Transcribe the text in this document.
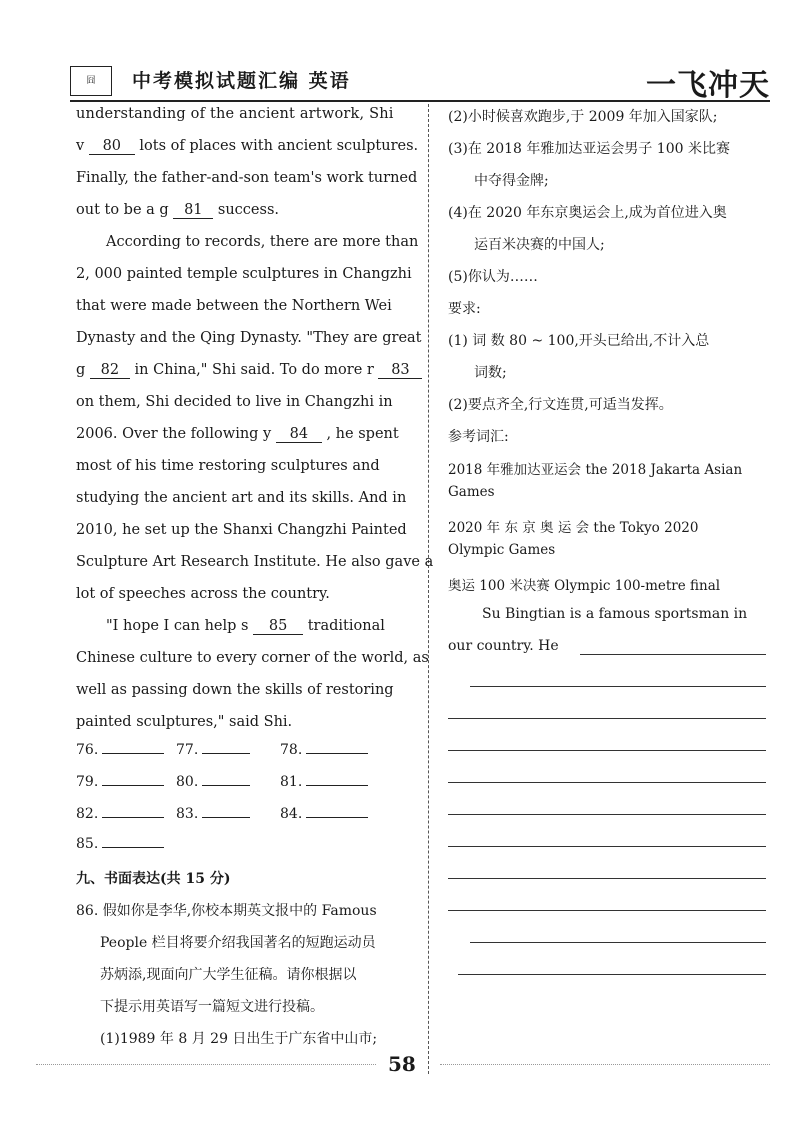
囧	中考模拟试题汇编 英语	一飞冲天
understanding of the ancient artwork, Shi
v 80 lots of places with ancient sculptures.
Finally, the father-and-son team's work turned
out to be a g 81 success.
According to records, there are more than
2, 000 painted temple sculptures in Changzhi
that were made between the Northern Wei
Dynasty and the Qing Dynasty. "They are great
g 82 in China," Shi said. To do more r 83
on them, Shi decided to live in Changzhi in
2006. Over the following y 84 , he spent
most of his time restoring sculptures and
studying the ancient art and its skills. And in
2010, he set up the Shanxi Changzhi Painted
Sculpture Art Research Institute. He also gave a
lot of speeches across the country.
"I hope I can help s 85 traditional
Chinese culture to every corner of the world, as
well as passing down the skills of restoring
painted sculptures," said Shi.
76.	77.	78.
79.	80.	81.
82.	83.	84.
85.
九、书面表达(共 15 分)
86. 假如你是李华,你校本期英文报中的 Famous
People 栏目将要介绍我国著名的短跑运动员
苏炳添,现面向广大学生征稿。请你根据以
下提示用英语写一篇短文进行投稿。
(1)1989 年 8 月 29 日出生于广东省中山市;
(2)小时候喜欢跑步,于 2009 年加入国家队;
(3)在 2018 年雅加达亚运会男子 100 米比赛
中夺得金牌;
(4)在 2020 年东京奥运会上,成为首位进入奥
运百米决赛的中国人;
(5)你认为……
要求:
(1) 词 数 80 ~ 100,开头已给出,不计入总
词数;
(2)要点齐全,行文连贯,可适当发挥。
参考词汇:
2018 年雅加达亚运会 the 2018 Jakarta Asian
Games
2020 年 东 京 奥 运 会 the Tokyo 2020
Olympic Games
奥运 100 米决赛 Olympic 100-metre final
Su Bingtian is a famous sportsman in
our country. He
58
